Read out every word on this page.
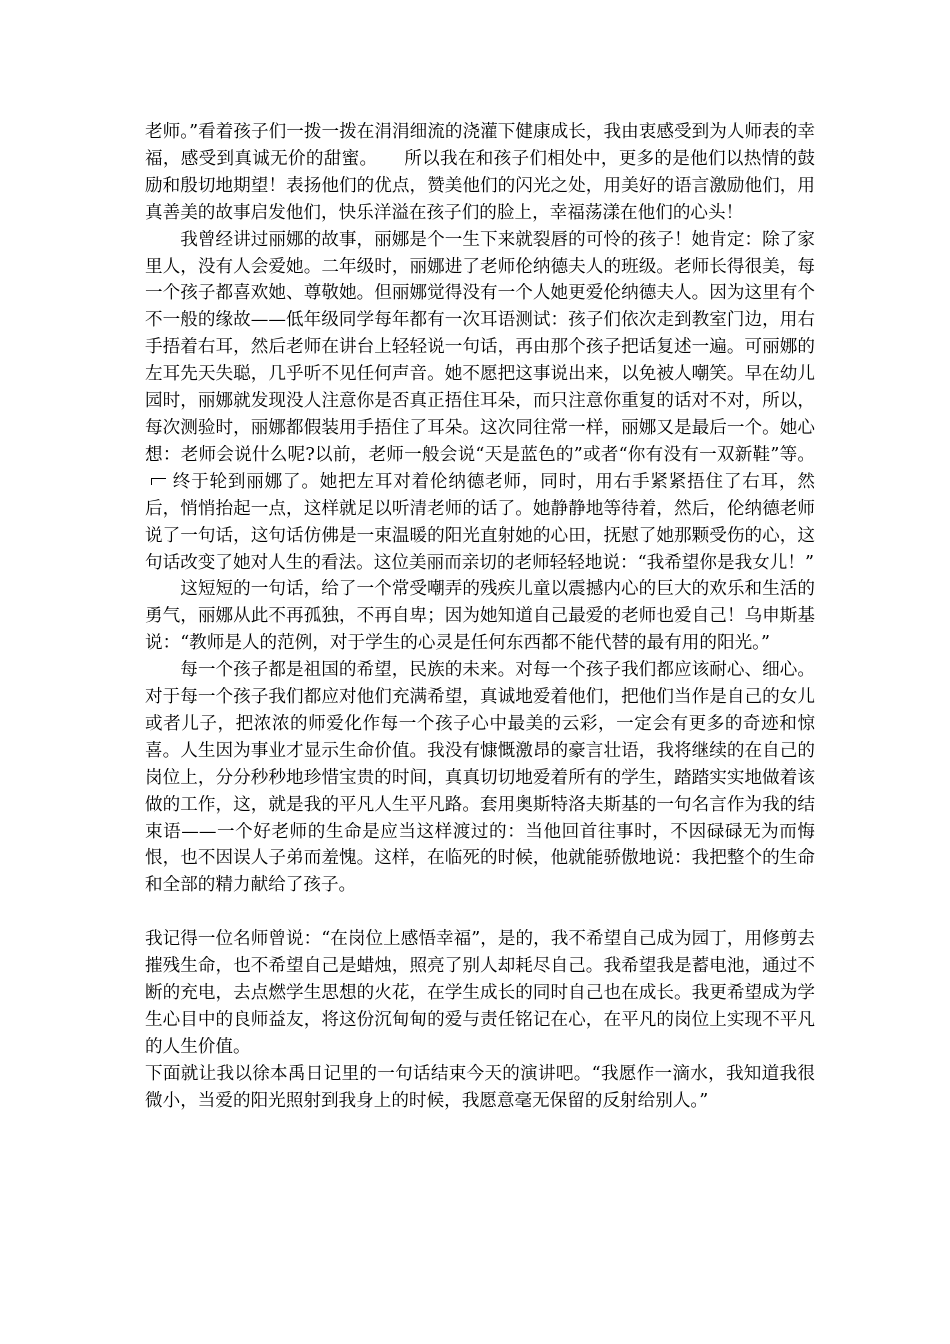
老师。”看着孩子们一拨一拨在涓涓细流的浇灌下健康成长，我由衷感受到为人师表的幸福，感受到真诚无价的甜蜜。　　所以我在和孩子们相处中，更多的是他们以热情的鼓励和殷切地期望！表扬他们的优点，赞美他们的闪光之处，用美好的语言激励他们，用真善美的故事启发他们，快乐洋溢在孩子们的脸上，幸福荡漾在他们的心头！

我曾经讲过丽娜的故事，丽娜是个一生下来就裂唇的可怜的孩子！她肯定：除了家里人，没有人会爱她。二年级时，丽娜进了老师伦纳德夫人的班级。老师长得很美，每一个孩子都喜欢她、尊敬她。但丽娜觉得没有一个人她更爱伦纳德夫人。因为这里有个不一般的缘故——低年级同学每年都有一次耳语测试：孩子们依次走到教室门边，用右手捂着右耳，然后老师在讲台上轻轻说一句话，再由那个孩子把话复述一遍。可丽娜的左耳先天失聪，几乎听不见任何声音。她不愿把这事说出来，以免被人嘲笑。早在幼儿园时，丽娜就发现没人注意你是否真正捂住耳朵，而只注意你重复的话对不对，所以，每次测验时，丽娜都假装用手捂住了耳朵。这次同往常一样，丽娜又是最后一个。她心想：老师会说什么呢?以前，老师一般会说“天是蓝色的”或者“你有没有一双新鞋”等。终于轮到丽娜了。她把左耳对着伦纳德老师，同时，用右手紧紧捂住了右耳，然后，悄悄抬起一点，这样就足以听清老师的话了。她静静地等待着，然后，伦纳德老师说了一句话，这句话仿佛是一束温暖的阳光直射她的心田，抚慰了她那颗受伤的心，这句话改变了她对人生的看法。这位美丽而亲切的老师轻轻地说：“我希望你是我女儿！”

这短短的一句话，给了一个常受嘲弄的残疾儿童以震撼内心的巨大的欢乐和生活的勇气，丽娜从此不再孤独，不再自卑；因为她知道自己最爱的老师也爱自己！乌申斯基说：“教师是人的范例，对于学生的心灵是任何东西都不能代替的最有用的阳光。”

每一个孩子都是祖国的希望，民族的未来。对每一个孩子我们都应该耐心、细心。对于每一个孩子我们都应对他们充满希望，真诚地爱着他们，把他们当作是自己的女儿或者儿子，把浓浓的师爱化作每一个孩子心中最美的云彩，一定会有更多的奇迹和惊喜。人生因为事业才显示生命价值。我没有慷慨激昂的豪言壮语，我将继续的在自己的岗位上，分分秒秒地珍惜宝贵的时间，真真切切地爱着所有的学生，踏踏实实地做着该做的工作，这，就是我的平凡人生平凡路。套用奥斯特洛夫斯基的一句名言作为我的结束语——一个好老师的生命是应当这样渡过的：当他回首往事时，不因碌碌无为而悔恨，也不因误人子弟而羞愧。这样，在临死的时候，他就能骄傲地说：我把整个的生命和全部的精力献给了孩子。

我记得一位名师曾说：“在岗位上感悟幸福”，是的，我不希望自己成为园丁，用修剪去摧残生命，也不希望自己是蜡烛，照亮了别人却耗尽自己。我希望我是蓄电池，通过不断的充电，去点燃学生思想的火花，在学生成长的同时自己也在成长。我更希望成为学生心目中的良师益友，将这份沉甸甸的爱与责任铭记在心，在平凡的岗位上实现不平凡的人生价值。

下面就让我以徐本禹日记里的一句话结束今天的演讲吧。“我愿作一滴水，我知道我很微小，当爱的阳光照射到我身上的时候，我愿意毫无保留的反射给别人。”
